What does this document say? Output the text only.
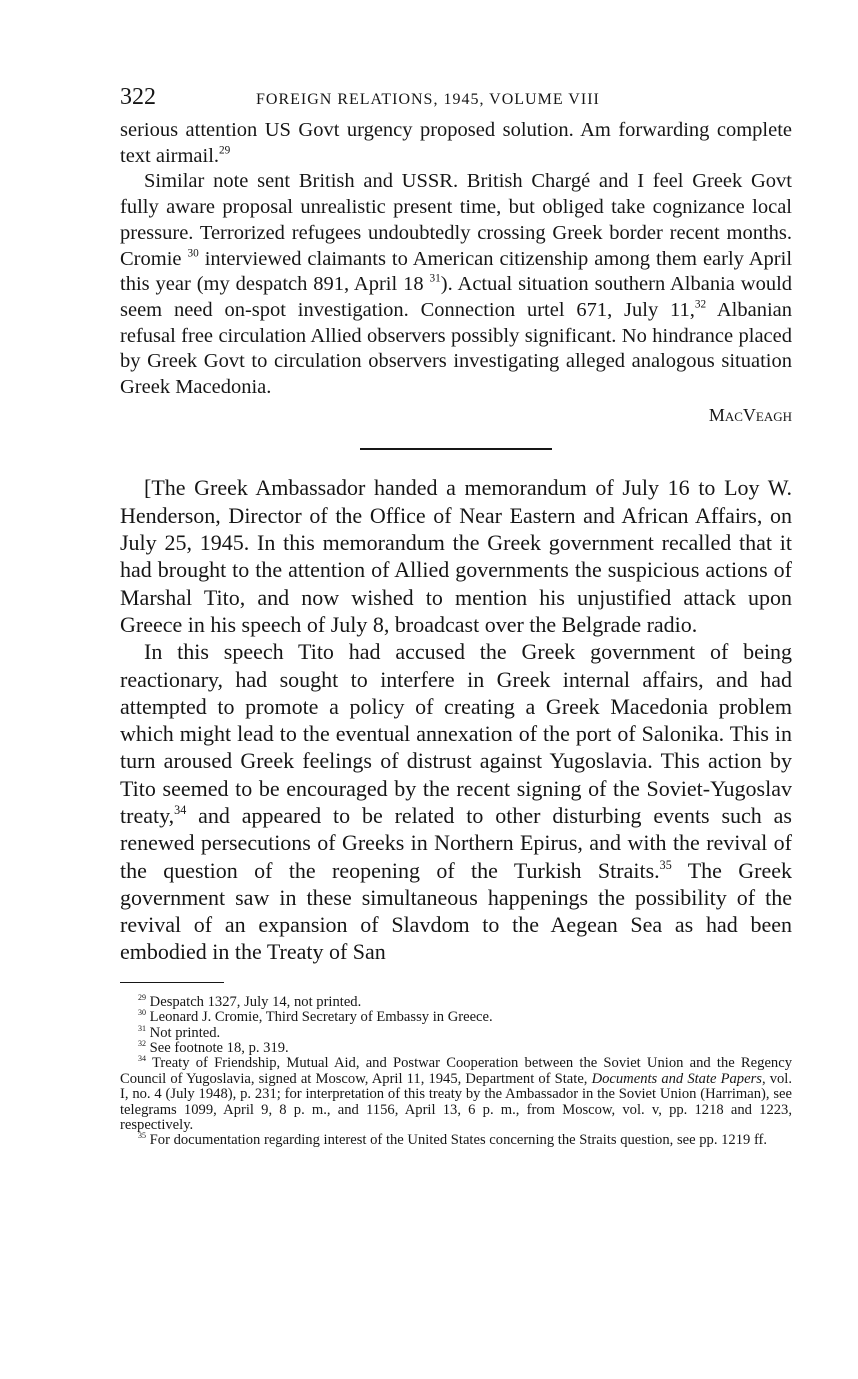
322	FOREIGN RELATIONS, 1945, VOLUME VIII

serious attention US Govt urgency proposed solution. Am forwarding complete text airmail.$^{29}$

Similar note sent British and USSR. British Chargé and I feel Greek Govt fully aware proposal unrealistic present time, but obliged take cognizance local pressure. Terrorized refugees undoubtedly crossing Greek border recent months. Cromie $^{30}$ interviewed claimants to American citizenship among them early April this year (my despatch 891, April 18 $^{31}$). Actual situation southern Albania would seem need on-spot investigation. Connection urtel 671, July 11,32 Albanian refusal free circulation Allied observers possibly significant. No hindrance placed by Greek Govt to circulation observers investigating alleged analogous situation Greek Macedonia.

MacVeagh

[The Greek Ambassador handed a memorandum of July 16 to Loy W. Henderson, Director of the Office of Near Eastern and African Affairs, on July 25, 1945. In this memorandum the Greek government recalled that it had brought to the attention of Allied governments the suspicious actions of Marshal Tito, and now wished to mention his unjustified attack upon Greece in his speech of July 8, broadcast over the Belgrade radio.

In this speech Tito had accused the Greek government of being reactionary, had sought to interfere in Greek internal affairs, and had attempted to promote a policy of creating a Greek Macedonia problem which might lead to the eventual annexation of the port of Salonika. This in turn aroused Greek feelings of distrust against Yugoslavia. This action by Tito seemed to be encouraged by the recent signing of the Soviet-Yugoslav treaty,$^{34}$ and appeared to be related to other disturbing events such as renewed persecutions of Greeks in Northern Epirus, and with the revival of the question of the reopening of the Turkish Straits.$^{35}$ The Greek government saw in these simultaneous happenings the possibility of the revival of an expansion of Slavdom to the Aegean Sea as had been embodied in the Treaty of San

$^{29}$ Despatch 1327, July 14, not printed.

$^{30}$ Leonard J. Cromie, Third Secretary of Embassy in Greece.

$^{31}$ Not printed.

$^{32}$ See footnote 18, p. 319.

$^{34}$ Treaty of Friendship, Mutual Aid, and Postwar Cooperation between the Soviet Union and the Regency Council of Yugoslavia, signed at Moscow, April 11, 1945, Department of State, Documents and State Papers, vol. I, no. 4 (July 1948), p. 231; for interpretation of this treaty by the Ambassador in the Soviet Union (Harriman), see telegrams 1099, April 9, 8 p. m., and 1156, April 13, 6 p. m., from Moscow, vol. v, pp. 1218 and 1223, respectively.

$^{35}$ For documentation regarding interest of the United States concerning the Straits question, see pp. 1219 ff.
